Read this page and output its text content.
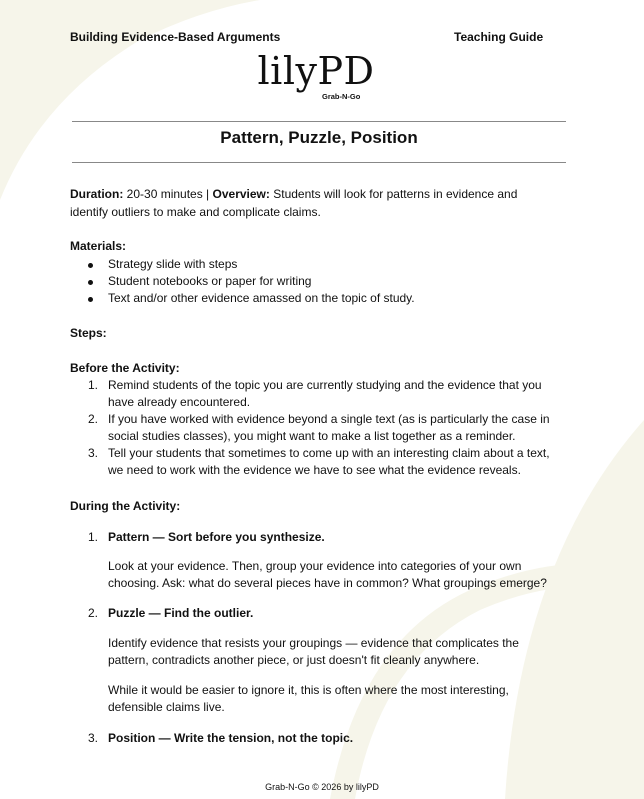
Building Evidence-Based Arguments	Teaching Guide
lilyPD
Grab-N-Go
Pattern, Puzzle, Position
Duration: 20-30 minutes | Overview: Students will look for patterns in evidence and
identify outliers to make and complicate claims.
Materials:
Strategy slide with steps
Student notebooks or paper for writing
Text and/or other evidence amassed on the topic of study.
Steps:
Before the Activity:
1. Remind students of the topic you are currently studying and the evidence that you
have already encountered.
2. If you have worked with evidence beyond a single text (as is particularly the case in
social studies classes), you might want to make a list together as a reminder.
3. Tell your students that sometimes to come up with an interesting claim about a text,
we need to work with the evidence we have to see what the evidence reveals.
During the Activity:
1. Pattern — Sort before you synthesize.
Look at your evidence. Then, group your evidence into categories of your own
choosing. Ask: what do several pieces have in common? What groupings emerge?
2. Puzzle — Find the outlier.
Identify evidence that resists your groupings — evidence that complicates the
pattern, contradicts another piece, or just doesn't fit cleanly anywhere.
While it would be easier to ignore it, this is often where the most interesting,
defensible claims live.
3. Position — Write the tension, not the topic.
Grab-N-Go © 2026 by lilyPD
